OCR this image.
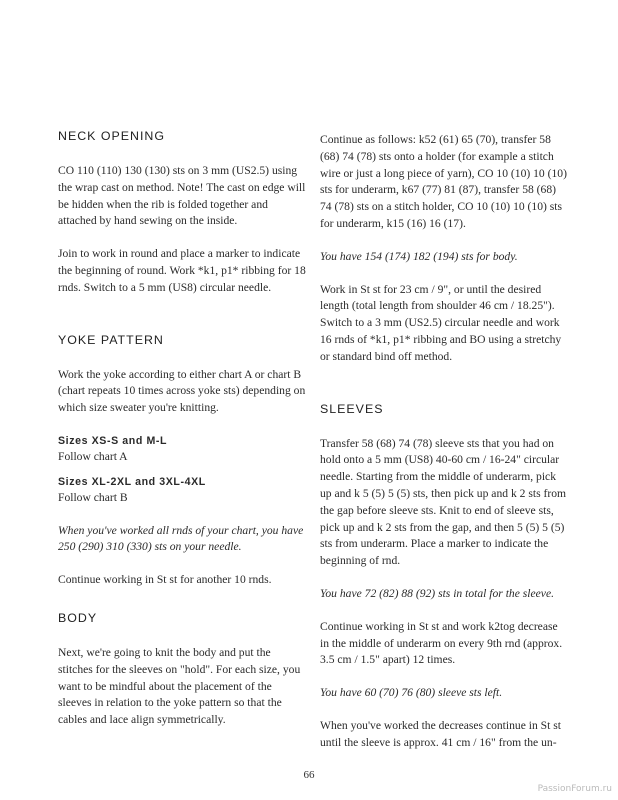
NECK OPENING

CO 110 (110) 130 (130) sts on 3 mm (US2.5) using the wrap cast on method. Note! The cast on edge will be hidden when the rib is folded together and attached by hand sewing on the inside.

Join to work in round and place a marker to indicate the beginning of round. Work *k1, p1* ribbing for 18 rnds. Switch to a 5 mm (US8) circular needle.

YOKE PATTERN

Work the yoke according to either chart A or chart B (chart repeats 10 times across yoke sts) depending on which size sweater you're knitting.

Sizes XS-S and M-L

Follow chart A

Sizes XL-2XL and 3XL-4XL

Follow chart B

When you've worked all rnds of your chart, you have 250 (290) 310 (330) sts on your needle.

Continue working in St st for another 10 rnds.

BODY

Next, we're going to knit the body and put the stitches for the sleeves on "hold". For each size, you want to be mindful about the placement of the sleeves in relation to the yoke pattern so that the cables and lace align symmetrically.

Continue as follows: k52 (61) 65 (70), transfer 58 (68) 74 (78) sts onto a holder (for example a stitch wire or just a long piece of yarn), CO 10 (10) 10 (10) sts for underarm, k67 (77) 81 (87), transfer 58 (68) 74 (78) sts on a stitch holder, CO 10 (10) 10 (10) sts for underarm, k15 (16) 16 (17).

You have 154 (174) 182 (194) sts for body.

Work in St st for 23 cm / 9", or until the desired length (total length from shoulder 46 cm / 18.25"). Switch to a 3 mm (US2.5) circular needle and work 16 rnds of *k1, p1* ribbing and BO using a stretchy or standard bind off method.

SLEEVES

Transfer 58 (68) 74 (78) sleeve sts that you had on hold onto a 5 mm (US8) 40-60 cm / 16-24" circular needle. Starting from the middle of underarm, pick up and k 5 (5) 5 (5) sts, then pick up and k 2 sts from the gap before sleeve sts. Knit to end of sleeve sts, pick up and k 2 sts from the gap, and then 5 (5) 5 (5) sts from underarm. Place a marker to indicate the beginning of rnd.

You have 72 (82) 88 (92) sts in total for the sleeve.

Continue working in St st and work k2tog decrease in the middle of underarm on every 9th rnd (approx. 3.5 cm / 1.5" apart) 12 times.

You have 60 (70) 76 (80) sleeve sts left.

When you've worked the decreases continue in St st until the sleeve is approx. 41 cm / 16" from the un-

66
PassionForum.ru
